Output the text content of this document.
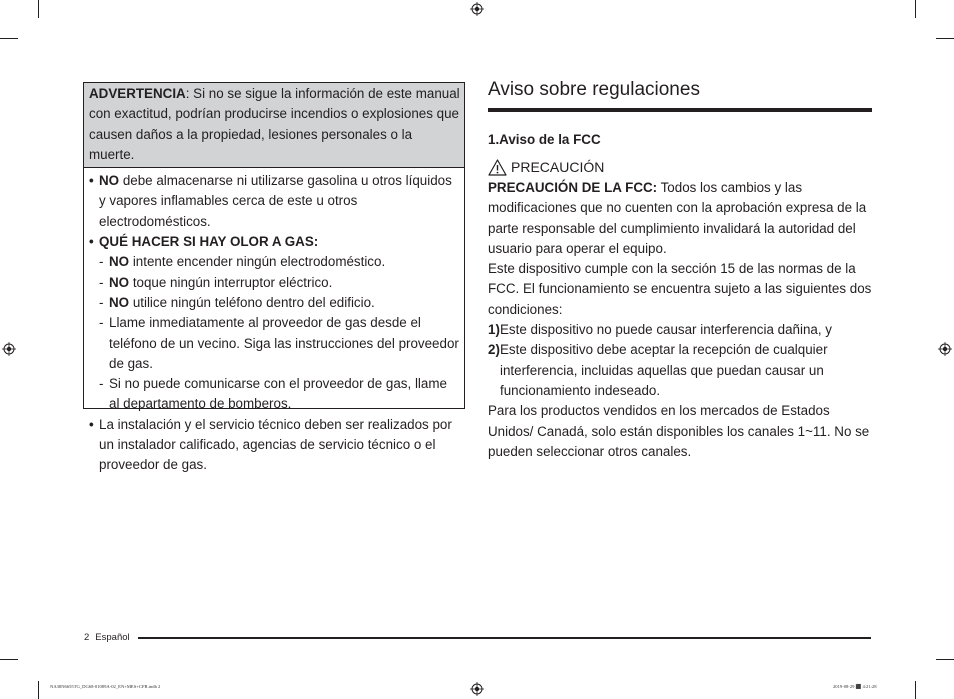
ADVERTENCIA: Si no se sigue la información de este manual con exactitud, podrían producirse incendios o explosiones que causen daños a la propiedad, lesiones personales o la muerte.
• NO debe almacenarse ni utilizarse gasolina u otros líquidos y vapores inflamables cerca de este u otros electrodomésticos.
• QUÉ HACER SI HAY OLOR A GAS:
- NO intente encender ningún electrodoméstico.
- NO toque ningún interruptor eléctrico.
- NO utilice ningún teléfono dentro del edificio.
- Llame inmediatamente al proveedor de gas desde el teléfono de un vecino. Siga las instrucciones del proveedor de gas.
- Si no puede comunicarse con el proveedor de gas, llame al departamento de bomberos.
• La instalación y el servicio técnico deben ser realizados por un instalador calificado, agencias de servicio técnico o el proveedor de gas.
Aviso sobre regulaciones
1.Aviso de la FCC
PRECAUCIÓN

PRECAUCIÓN DE LA FCC: Todos los cambios y las modificaciones que no cuenten con la aprobación expresa de la parte responsable del cumplimiento invalidará la autoridad del usuario para operar el equipo.

Este dispositivo cumple con la sección 15 de las normas de la FCC. El funcionamiento se encuentra sujeto a las siguientes dos condiciones:

1) Este dispositivo no puede causar interferencia dañina, y
2) Este dispositivo debe aceptar la recepción de cualquier interferencia, incluidas aquellas que puedan causar un funcionamiento indeseado.

Para los productos vendidos en los mercados de Estados Unidos/ Canadá, solo están disponibles los canales 1~11. No se pueden seleccionar otros canales.

2 Español
NA38N6655TG_DG68-01089A-02_EN+MES+CFR.indb 2	2019-08-29 ⬛ 4:21:28
